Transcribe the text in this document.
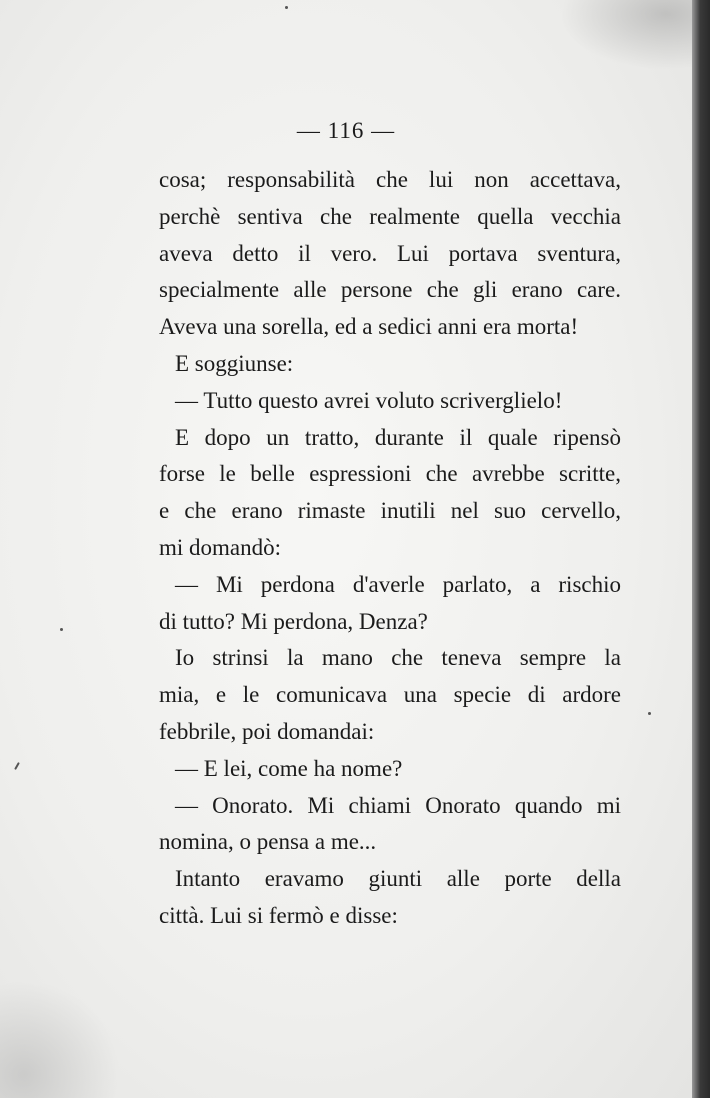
— 116 —
cosa; responsabilità che lui non accettava,
perchè sentiva che realmente quella vecchia
aveva detto il vero. Lui portava sventura,
specialmente alle persone che gli erano care.
Aveva una sorella, ed a sedici anni era morta!
E soggiunse:
— Tutto questo avrei voluto scriverglielo!
E dopo un tratto, durante il quale ripensò
forse le belle espressioni che avrebbe scritte,
e che erano rimaste inutili nel suo cervello,
mi domandò:
— Mi perdona d'averle parlato, a rischio
di tutto? Mi perdona, Denza?
Io strinsi la mano che teneva sempre la
mia, e le comunicava una specie di ardore
febbrile, poi domandai:
— E lei, come ha nome?
— Onorato. Mi chiami Onorato quando mi
nomina, o pensa a me...
Intanto eravamo giunti alle porte della
città. Lui si fermò e disse:
